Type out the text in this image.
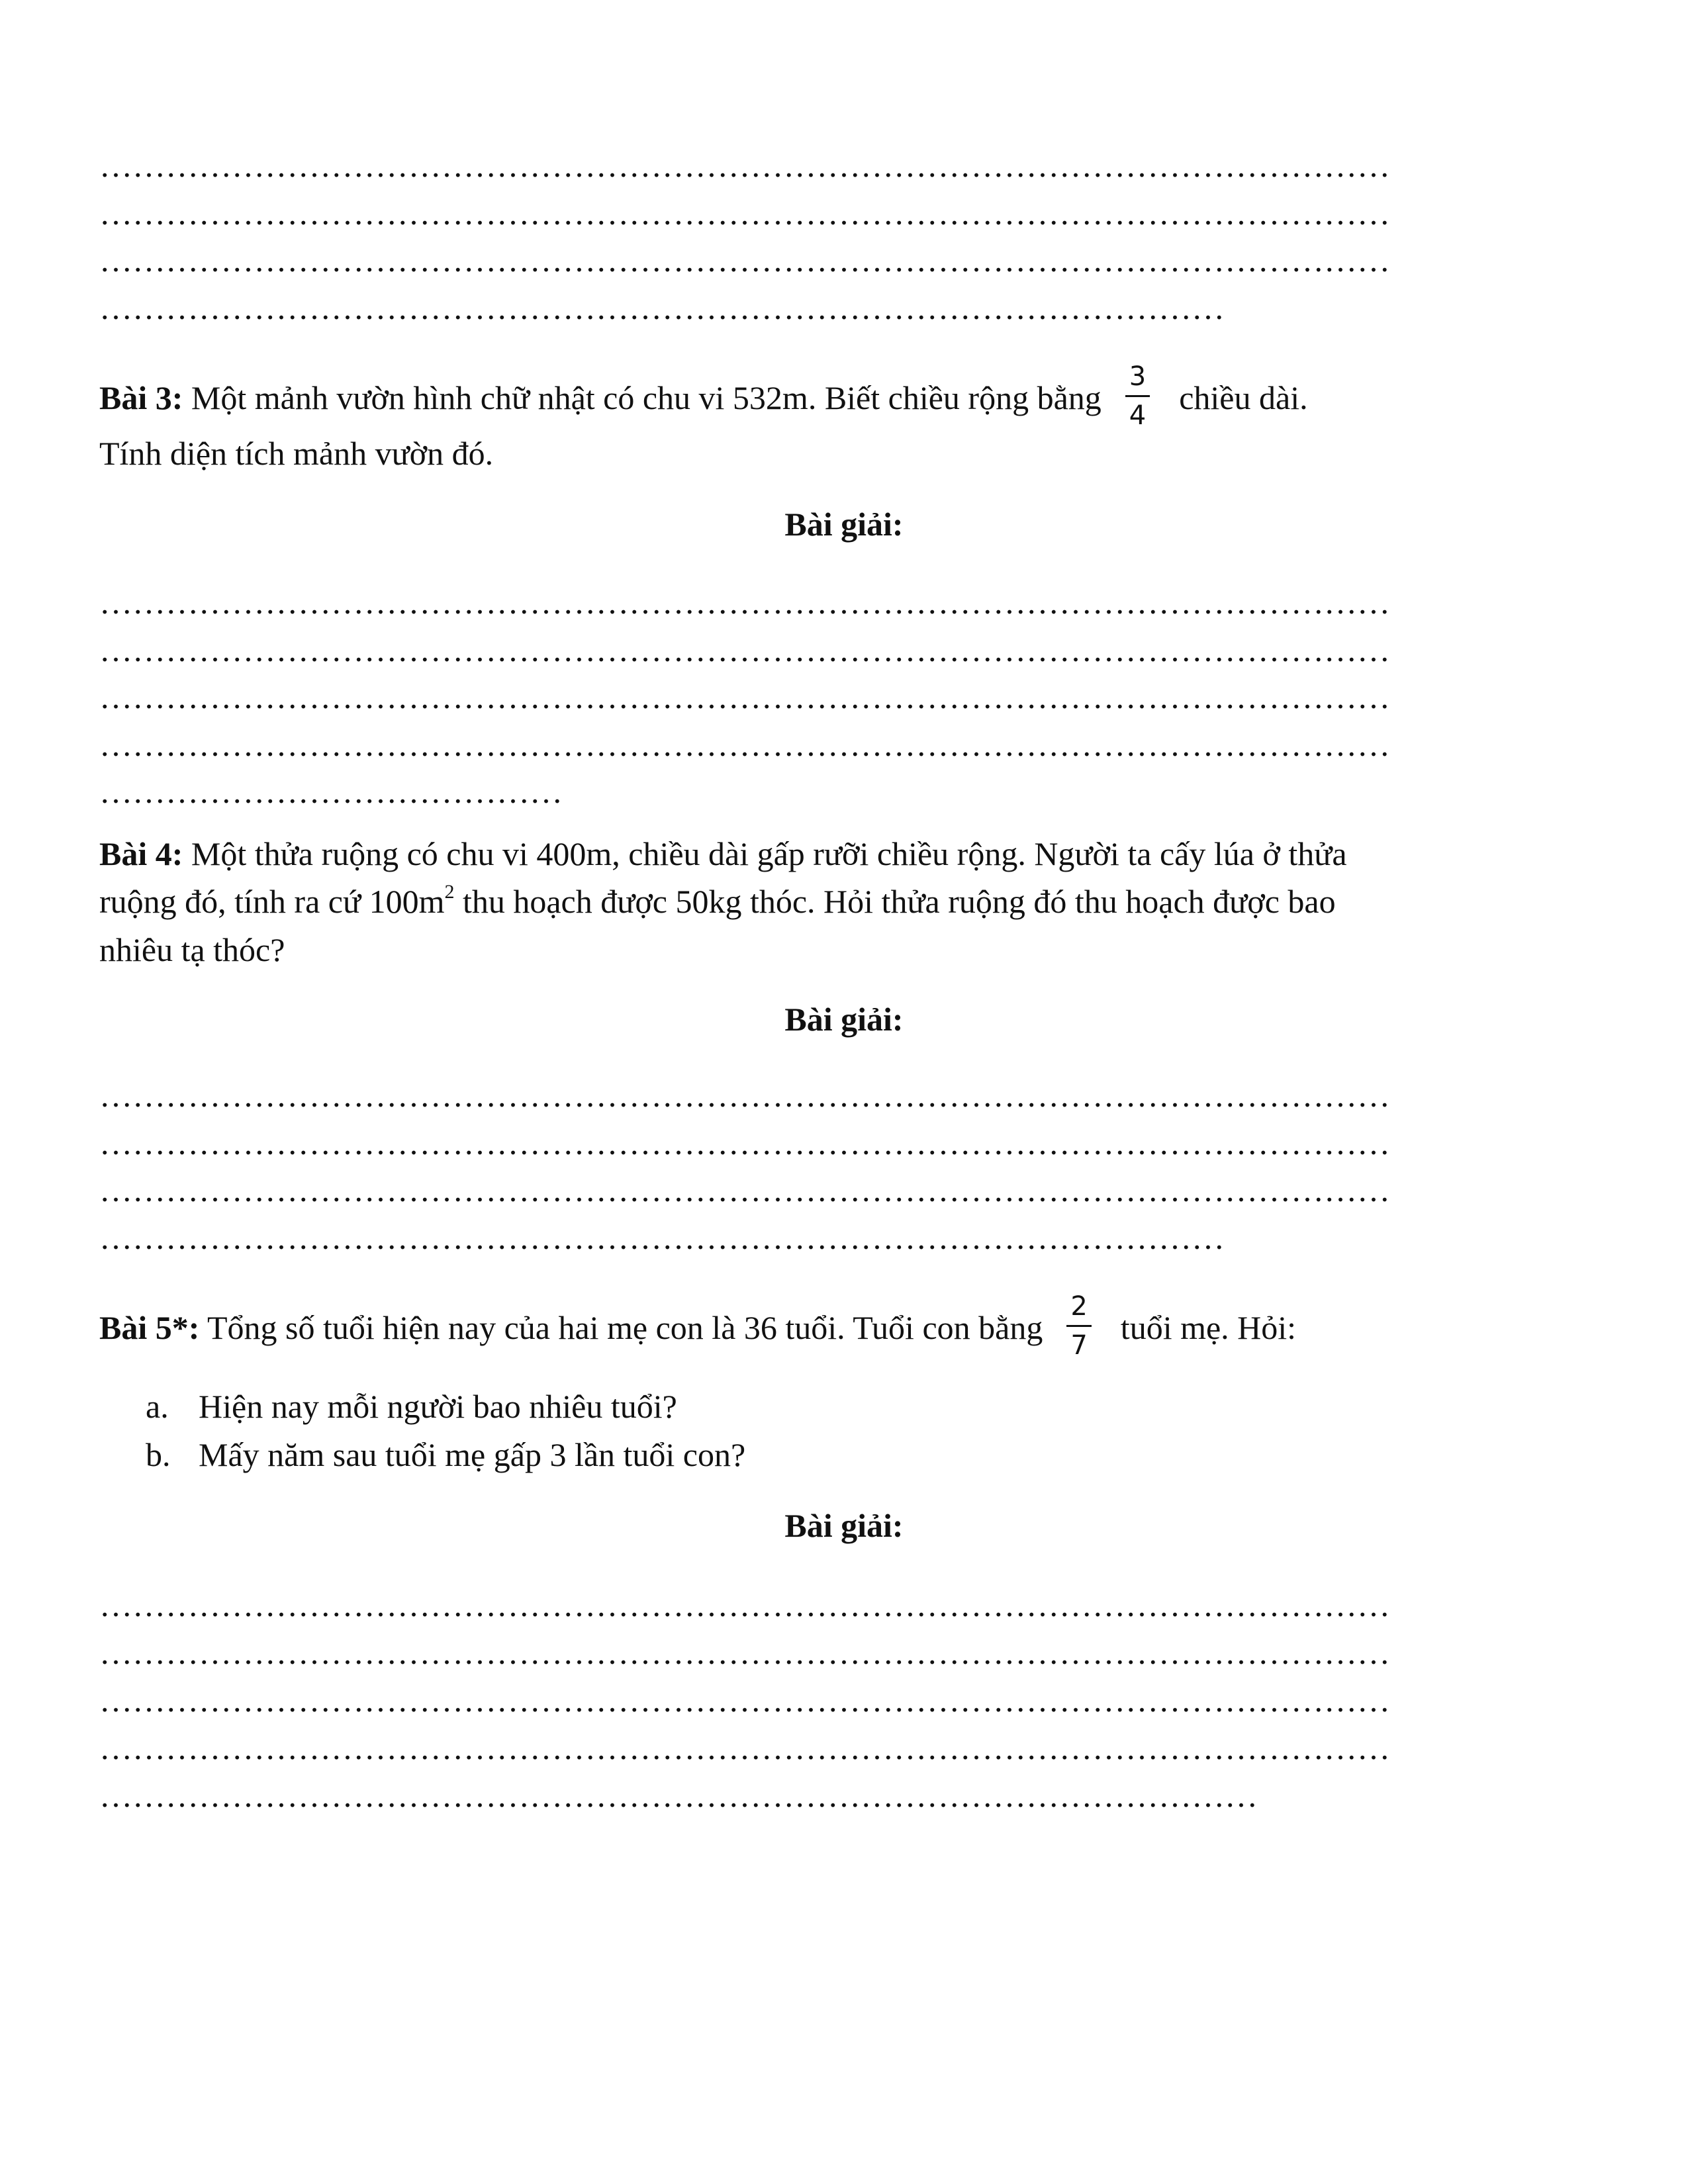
………………………………………………………………………………………………………
………………………………………………………………………………………………………
………………………………………………………………………………………………………
…………………………………………………………………………………………
Bài 3: Một mảnh vườn hình chữ nhật có chu vi 532m. Biết chiều rộng bằng $\frac{3}{4}$ chiều dài.
Tính diện tích mảnh vườn đó.
Bài giải:
………………………………………………………………………………………………………
………………………………………………………………………………………………………
………………………………………………………………………………………………………
………………………………………………………………………………………………………
……………………………………
Bài 4: Một thửa ruộng có chu vi 400m, chiều dài gấp rưỡi chiều rộng. Người ta cấy lúa ở thửa
ruộng đó, tính ra cứ $100m^2$ thu hoạch được 50kg thóc. Hỏi thửa ruộng đó thu hoạch được bao
nhiêu tạ thóc?
Bài giải:
………………………………………………………………………………………………………
………………………………………………………………………………………………………
………………………………………………………………………………………………………
…………………………………………………………………………………………
Bài 5*: Tổng số tuổi hiện nay của hai mẹ con là 36 tuổi. Tuổi con bằng $\frac{2}{7}$ tuổi mẹ. Hỏi:
a. Hiện nay mỗi người bao nhiêu tuổi?
b. Mấy năm sau tuổi mẹ gấp 3 lần tuổi con?
Bài giải:
………………………………………………………………………………………………………
………………………………………………………………………………………………………
………………………………………………………………………………………………………
………………………………………………………………………………………………………
……………………………………………………………………………………………
